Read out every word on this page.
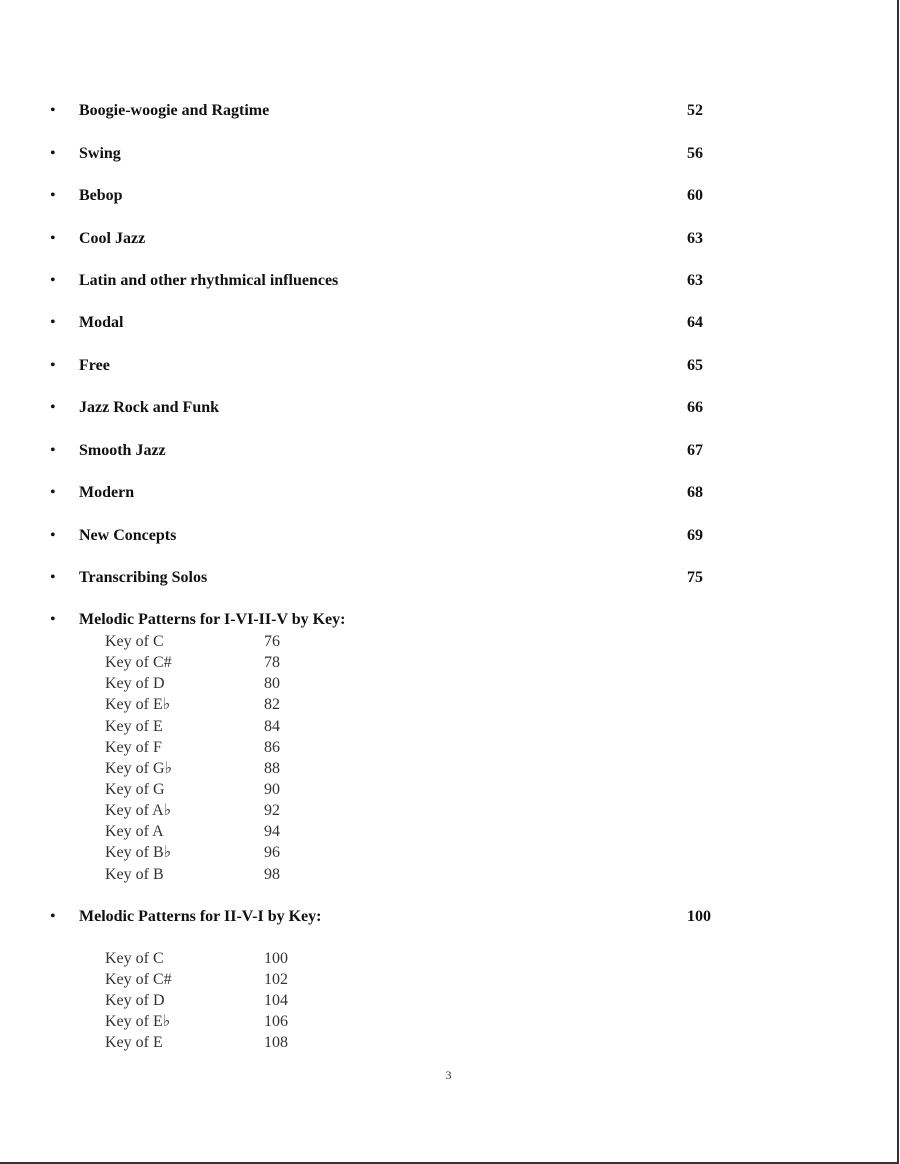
• Boogie-woogie and Ragtime	52
• Swing	56
• Bebop	60
• Cool Jazz	63
• Latin and other rhythmical influences	63
• Modal	64
• Free	65
• Jazz Rock and Funk	66
• Smooth Jazz	67
• Modern	68
• New Concepts	69
• Transcribing Solos	75
• Melodic Patterns for I-VI-II-V by Key:
Key of C	76
Key of C#	78
Key of D	80
Key of E♭	82
Key of E	84
Key of F	86
Key of G♭	88
Key of G	90
Key of A♭	92
Key of A	94
Key of B♭	96
Key of B	98
• Melodic Patterns for II-V-I by Key:	100
Key of C	100
Key of C#	102
Key of D	104
Key of E♭	106
Key of E	108
3
